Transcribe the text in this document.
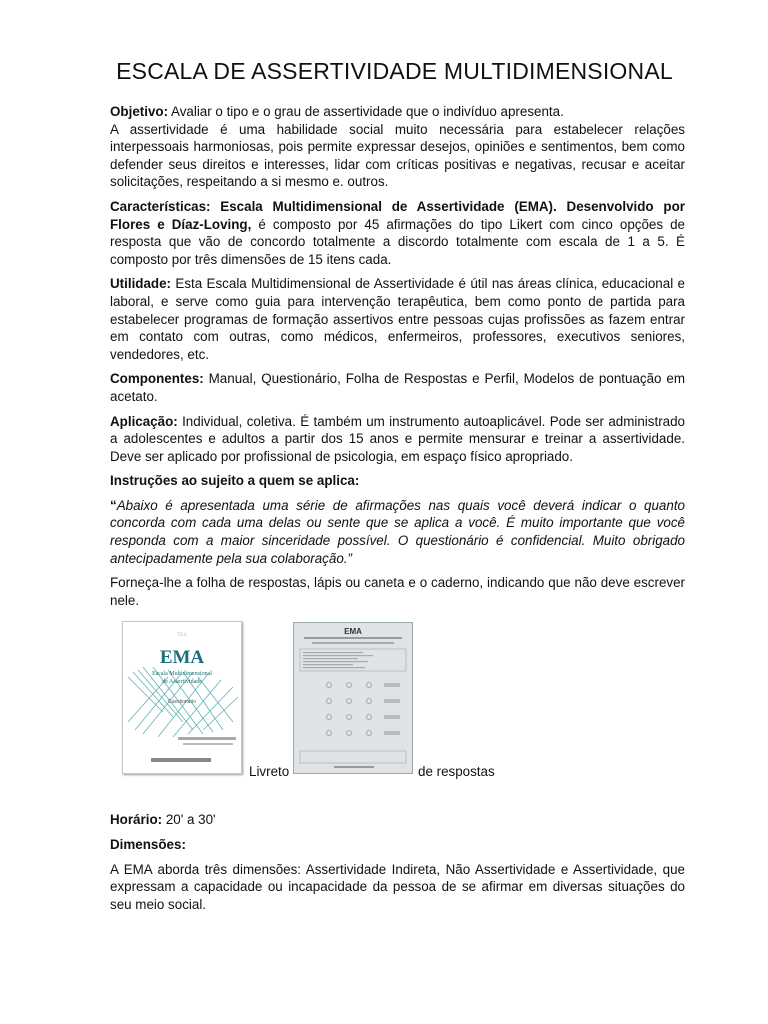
ESCALA DE ASSERTIVIDADE MULTIDIMENSIONAL

Objetivo: Avaliar o tipo e o grau de assertividade que o indivíduo apresenta.
A assertividade é uma habilidade social muito necessária para estabelecer relações interpessoais harmoniosas, pois permite expressar desejos, opiniões e sentimentos, bem como defender seus direitos e interesses, lidar com críticas positivas e negativas, recusar e aceitar solicitações, respeitando a si mesmo e. outros.

Características: Escala Multidimensional de Assertividade (EMA). Desenvolvido por Flores e Díaz-Loving, é composto por 45 afirmações do tipo Likert com cinco opções de resposta que vão de concordo totalmente a discordo totalmente com escala de 1 a 5. É composto por três dimensões de 15 itens cada.

Utilidade: Esta Escala Multidimensional de Assertividade é útil nas áreas clínica, educacional e laboral, e serve como guia para intervenção terapêutica, bem como ponto de partida para estabelecer programas de formação assertivos entre pessoas cujas profissões as fazem entrar em contato com outras, como médicos, enfermeiros, professores, executivos seniores, vendedores, etc.

Componentes: Manual, Questionário, Folha de Respostas e Perfil, Modelos de pontuação em acetato.

Aplicação: Individual, coletiva. É também um instrumento autoaplicável. Pode ser administrado a adolescentes e adultos a partir dos 15 anos e permite mensurar e treinar a assertividade. Deve ser aplicado por profissional de psicologia, em espaço físico apropriado.

Instruções ao sujeito a quem se aplica:

“Abaixo é apresentada uma série de afirmações nas quais você deverá indicar o quanto concorda com cada uma delas ou sente que se aplica a você. É muito importante que você responda com a maior sinceridade possível. O questionário é confidencial. Muito obrigado antecipadamente pela sua colaboração.”

Forneça-lhe a folha de respostas, lápis ou caneta e o caderno, indicando que não deve escrever nele.

TEA
EMA
Escala Multidimensional
de Assertividade
Cuestionario
Livreto
EMA
de respostas

Horário: 20' a 30'

Dimensões:

A EMA aborda três dimensões: Assertividade Indireta, Não Assertividade e Assertividade, que expressam a capacidade ou incapacidade da pessoa de se afirmar em diversas situações do seu meio social.
